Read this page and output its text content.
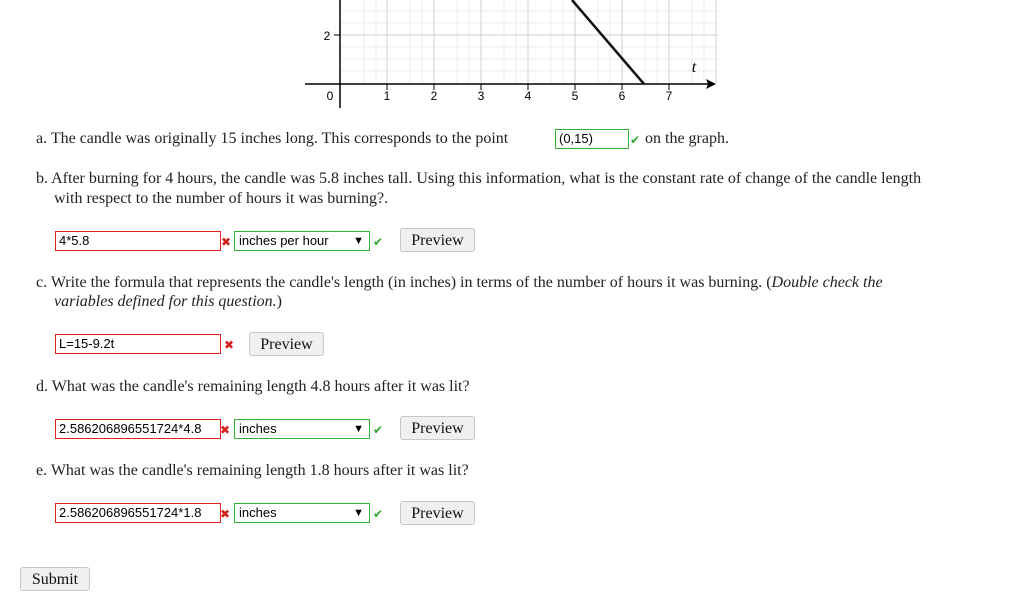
2
0	1	2	3	4	5	6	7
t
a. The candle was originally 15 inches long. This corresponds to the point	(0,15)	✔ on the graph.
b. After burning for 4 hours, the candle was 5.8 inches tall. Using this information, what is the constant rate of change of the candle length
with respect to the number of hours it was burning?.
4*5.8	✖ inches per hour ▼ ✔	Preview
c. Write the formula that represents the candle's length (in inches) in terms of the number of hours it was burning. (Double check the
variables defined for this question.)
L=15-9.2t	✖	Preview
d. What was the candle's remaining length 4.8 hours after it was lit?
2.586206896551724*4.8	✖ inches	▼ ✔	Preview
e. What was the candle's remaining length 1.8 hours after it was lit?
2.586206896551724*1.8	✖ inches	▼ ✔	Preview
Submit
